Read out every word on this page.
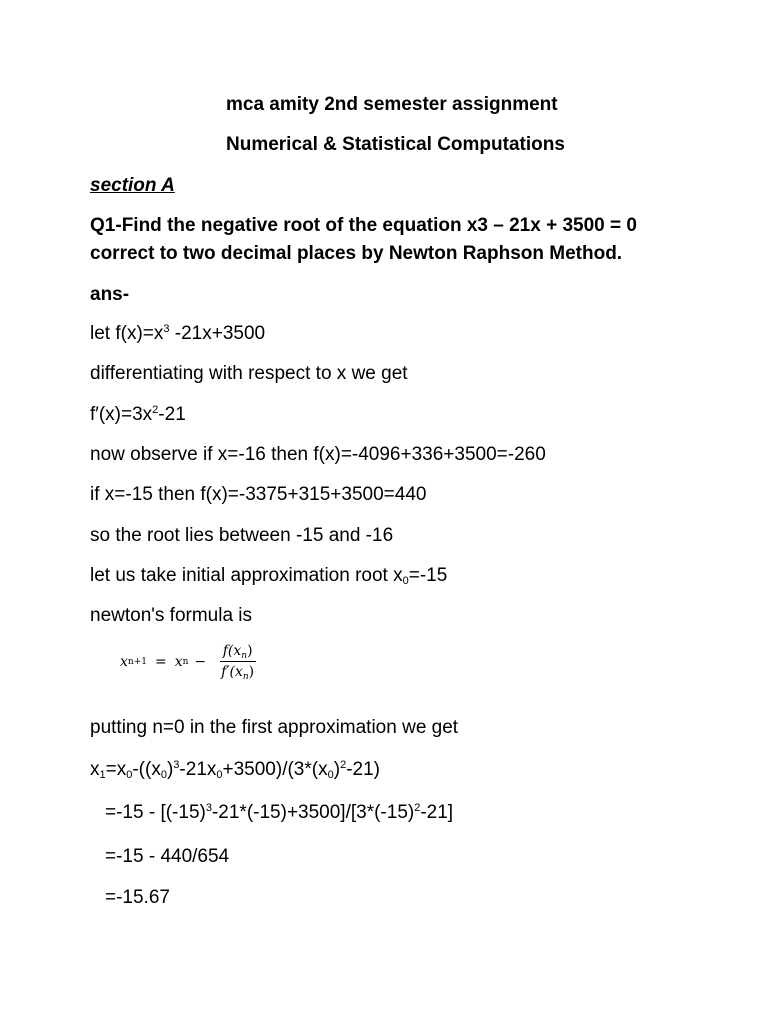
mca amity 2nd semester assignment
Numerical & Statistical Computations
section A
Q1-Find the negative root of the equation x3 – 21x + 3500 = 0
correct to two decimal places by Newton Raphson Method.
ans-
let $f(x)=x^3$ -21x+3500
differentiating with respect to x we get
$f'(x)=3x^2-21$
now observe if x=-16 then f(x)=-4096+336+3500=-260
if x=-15 then f(x)=-3375+315+3500=440
so the root lies between -15 and -16
let us take initial approximation root $x_0=-15$
newton's formula is
x n+1 = x $n - \frac{f(x_n)}{f'(x_n)}$
putting n=0 in the first approximation we get
$x_1=x_0-((x_0)^3-21x_0+3500)/(3*(x_0)^2-21)$
$=-15 - [(-15)^3-21*(-15)+3500]/[3*(-15)^2-21]$
=-15 - 440/654
=-15.67
